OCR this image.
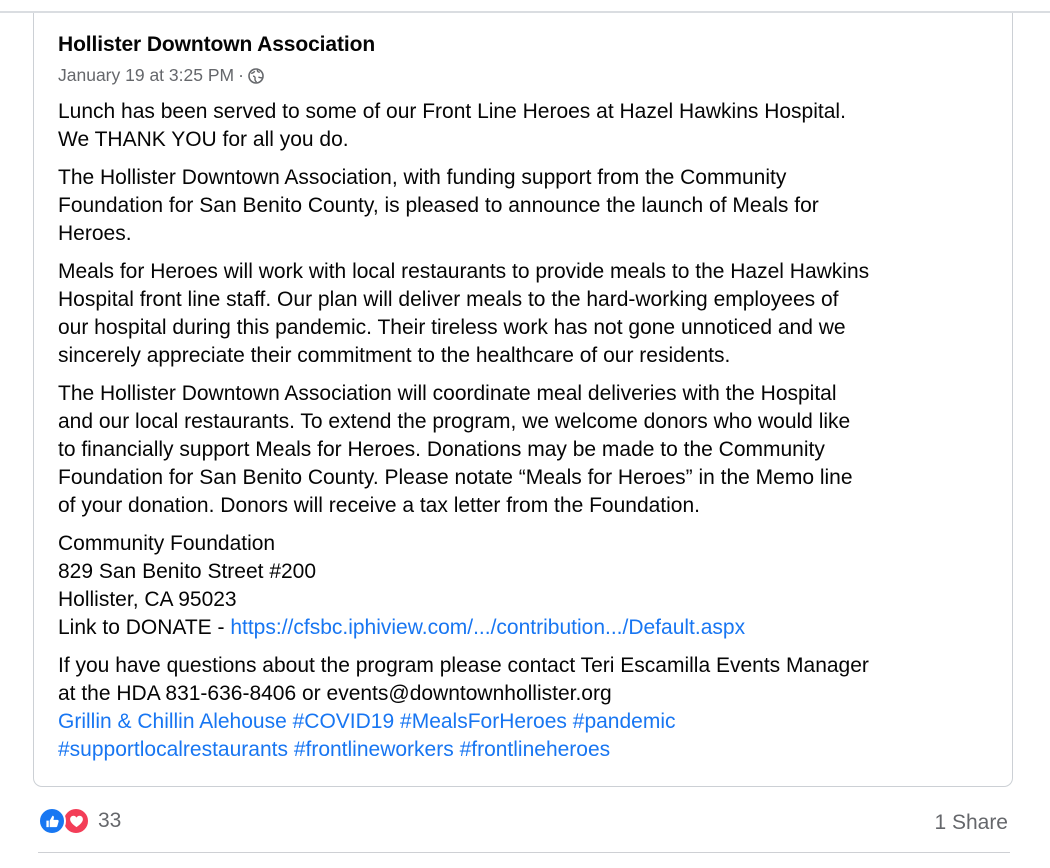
Hollister Downtown Association
January 19 at 3:25 PM ·

Lunch has been served to some of our Front Line Heroes at Hazel Hawkins Hospital.
We THANK YOU for all you do.

The Hollister Downtown Association, with funding support from the Community
Foundation for San Benito County, is pleased to announce the launch of Meals for
Heroes.

Meals for Heroes will work with local restaurants to provide meals to the Hazel Hawkins
Hospital front line staff. Our plan will deliver meals to the hard-working employees of
our hospital during this pandemic. Their tireless work has not gone unnoticed and we
sincerely appreciate their commitment to the healthcare of our residents.

The Hollister Downtown Association will coordinate meal deliveries with the Hospital
and our local restaurants. To extend the program, we welcome donors who would like
to financially support Meals for Heroes. Donations may be made to the Community
Foundation for San Benito County. Please notate “Meals for Heroes” in the Memo line
of your donation. Donors will receive a tax letter from the Foundation.

Community Foundation
829 San Benito Street #200
Hollister, CA 95023
Link to DONATE - https://cfsbc.iphiview.com/.../contribution.../Default.aspx

If you have questions about the program please contact Teri Escamilla Events Manager
at the HDA 831-636-8406 or events@downtownhollister.org
Grillin & Chillin Alehouse #COVID19 #MealsForHeroes #pandemic
#supportlocalrestaurants #frontlineworkers #frontlineheroes

33	1 Share
